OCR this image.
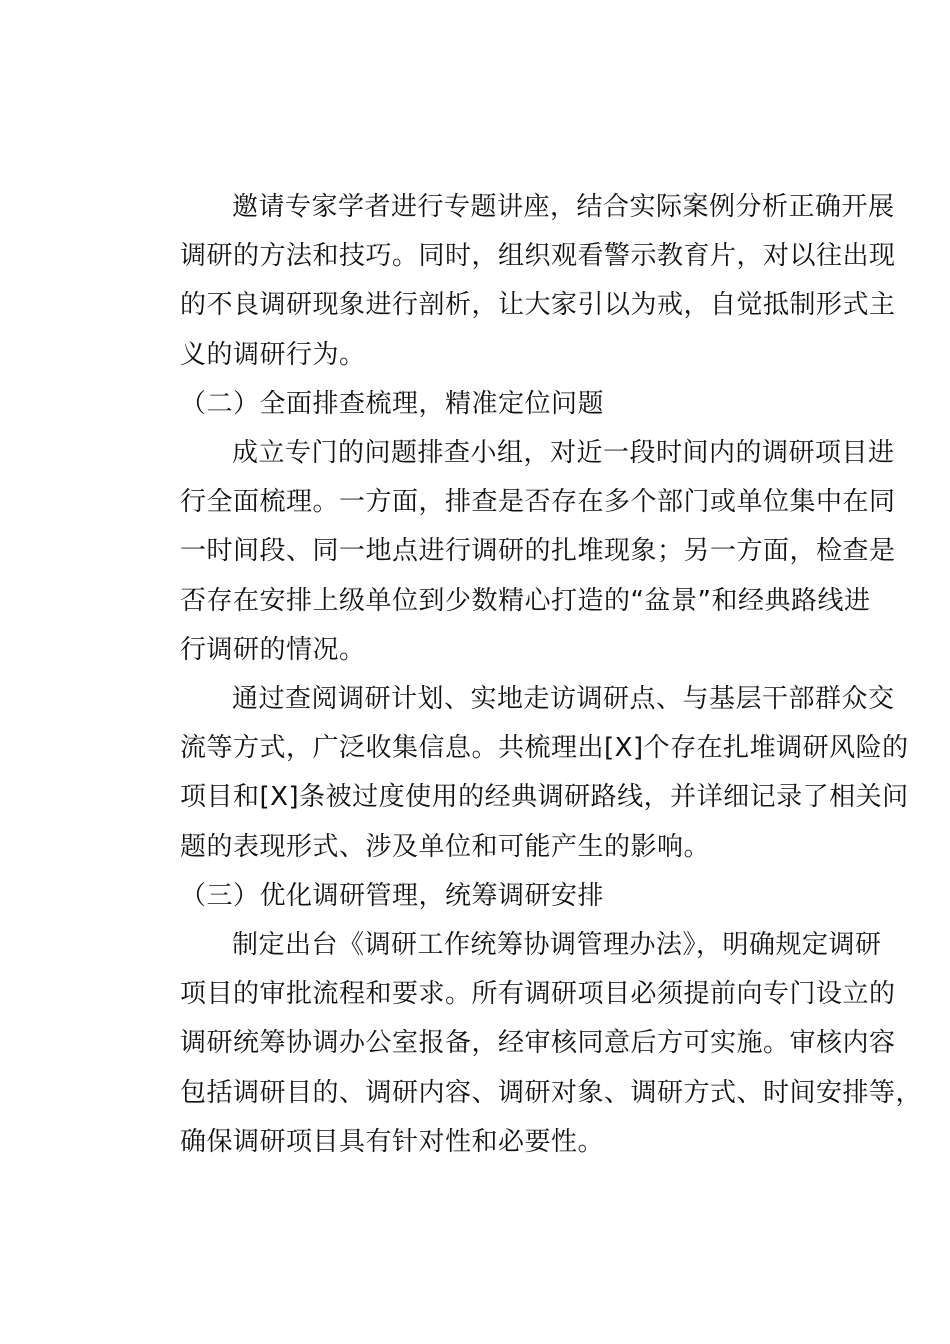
邀请专家学者进行专题讲座，结合实际案例分析正确开展
调研的方法和技巧。同时，组织观看警示教育片，对以往出现
的不良调研现象进行剖析，让大家引以为戒，自觉抵制形式主
义的调研行为。
（二）全面排查梳理，精准定位问题
成立专门的问题排查小组，对近一段时间内的调研项目进
行全面梳理。一方面，排查是否存在多个部门或单位集中在同
一时间段、同一地点进行调研的扎堆现象；另一方面，检查是
否存在安排上级单位到少数精心打造的“盆景”和经典路线进
行调研的情况。
通过查阅调研计划、实地走访调研点、与基层干部群众交
流等方式，广泛收集信息。共梳理出[X]个存在扎堆调研风险的
项目和[X]条被过度使用的经典调研路线，并详细记录了相关问
题的表现形式、涉及单位和可能产生的影响。
（三）优化调研管理，统筹调研安排
制定出台《调研工作统筹协调管理办法》，明确规定调研
项目的审批流程和要求。所有调研项目必须提前向专门设立的
调研统筹协调办公室报备，经审核同意后方可实施。审核内容
包括调研目的、调研内容、调研对象、调研方式、时间安排等，
确保调研项目具有针对性和必要性。
